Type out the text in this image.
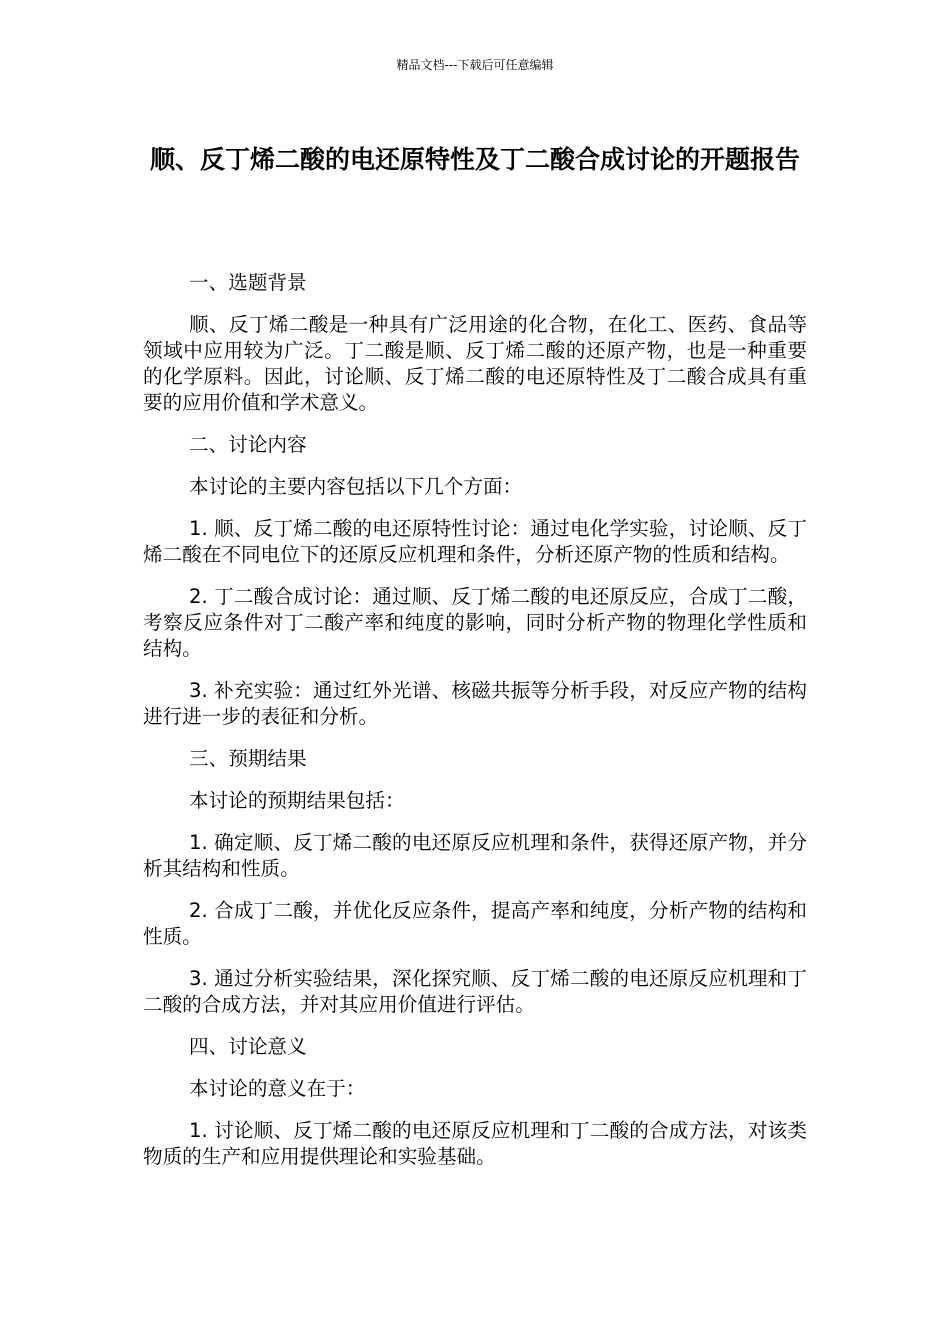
精品文档---下载后可任意编辑
顺、反丁烯二酸的电还原特性及丁二酸合成讨论的开题报告

一、选题背景

顺、反丁烯二酸是一种具有广泛用途的化合物，在化工、医药、食品等领域中应用较为广泛。丁二酸是顺、反丁烯二酸的还原产物，也是一种重要的化学原料。因此，讨论顺、反丁烯二酸的电还原特性及丁二酸合成具有重要的应用价值和学术意义。

二、讨论内容

本讨论的主要内容包括以下几个方面：

1. 顺、反丁烯二酸的电还原特性讨论：通过电化学实验，讨论顺、反丁烯二酸在不同电位下的还原反应机理和条件，分析还原产物的性质和结构。

2. 丁二酸合成讨论：通过顺、反丁烯二酸的电还原反应，合成丁二酸，考察反应条件对丁二酸产率和纯度的影响，同时分析产物的物理化学性质和结构。

3. 补充实验：通过红外光谱、核磁共振等分析手段，对反应产物的结构进行进一步的表征和分析。

三、预期结果

本讨论的预期结果包括：

1. 确定顺、反丁烯二酸的电还原反应机理和条件，获得还原产物，并分析其结构和性质。

2. 合成丁二酸，并优化反应条件，提高产率和纯度，分析产物的结构和性质。

3. 通过分析实验结果，深化探究顺、反丁烯二酸的电还原反应机理和丁二酸的合成方法，并对其应用价值进行评估。

四、讨论意义

本讨论的意义在于：

1. 讨论顺、反丁烯二酸的电还原反应机理和丁二酸的合成方法，对该类物质的生产和应用提供理论和实验基础。
